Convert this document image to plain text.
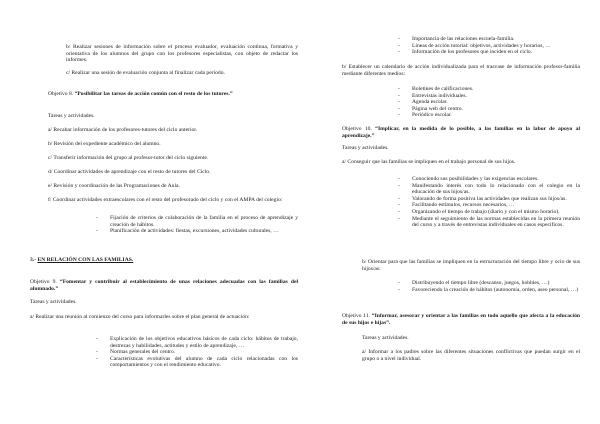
b/ Realizar sesiones de información sobre el proceso evaluador, evaluación continua, formativa y orientativa de los alumnos del grupo con los profesores especialistas, con objeto de redactar los informes.

c/ Realizar una sesión de evaluación conjunta al finalizar cada período.

Objetivo 8. “Posibilitar las tareas de acción común con el resto de los tutores.”

Tareas y actividades.

a/ Recabar información de los profesores-tutores del ciclo anterior.

b/ Revisión del expediente académico del alumno.

c/ Transferir información del grupo al profesor-tutor del ciclo siguiente.

d/ Coordinar actividades de aprendizaje con el resto de tutores del Ciclo.

e/ Revisión y coordinación de las Programaciones de Aula.

f/ Coordinar actividades extraescolares con el resto del profesorado del ciclo y con el AMPA del colegio:

- Fijación de criterios de colaboración de la familia en el proceso de aprendizaje y creación de hábitos.
- Planificación de actividades: fiestas, excursiones, actividades culturales, …

3.- EN RELACIÓN CON LAS FAMILIAS.

Objetivo 9. “Fomentar y contribuir al establecimiento de unas relaciones adecuadas con las familias del alumnado.”

Tareas y actividades.

a/ Realizar una reunión al comienzo del curso para informarles sobre el plan general de actuación:

- Explicación de los objetivos educativos básicos de cada ciclo: hábitos de trabajo, destrezas y habilidades, actitudes y estilo de aprendizaje, …
- Normas generales del centro.
- Características evolutivas del alumno de cada ciclo relacionadas con los comportamientos y con el rendimiento educativo.
- Importancia de las relaciones escuela-familia.
- Líneas de acción tutorial: objetivos, actividades y horarios, …
- Información de los profesores que inciden en el ciclo.

b/ Establecer un calendario de acción individualizada para el trasvase de información profesor-familia mediante diferentes medios:

- Boletines de calificaciones.
- Entrevistas individuales.
- Agenda escolar.
- Página web del centro.
- Periódico escolar.

Objetivo 10. “Implicar, en la medida de lo posible, a las familias en la labor de apoyo al aprendizaje.”

Tareas y actividades.

a/ Conseguir que las familias se impliquen en el trabajo personal de sus hijos.

- Conociendo sus posibilidades y las exigencias escolares.
- Manifestando interés con todo lo relacionado con el colegio en la educación de sus hijos/as.
- Valorando de forma positiva las actividades que realizan sus hijos/as.
- Facilitando estímulos, recursos necesarios, …
- Organizando el tiempo de trabajo (diario y con el mismo horario).
- Mediante el seguimiento de las normas establecidas en la primera reunión del curso y a través de entrevistas individuales en casos específicos.

b/ Orientar para que las familias se impliquen en la estructuración del tiempo libre y ocio de sus hijos/as:

- Distribuyendo el tiempo libre (descanso, juegos, hobbies, …)
- Favoreciendo la creación de hábitos (autonomía, orden, aseo personal, …)

Objetivo 11. “Informar, asesorar y orientar a las familias en todo aquello que afecta a la educación de sus hijos e hijas”.

Tareas y actividades.

a/ Informar a los padres sobre las diferentes situaciones conflictivas que puedan surgir en el grupo o a nivel individual.
